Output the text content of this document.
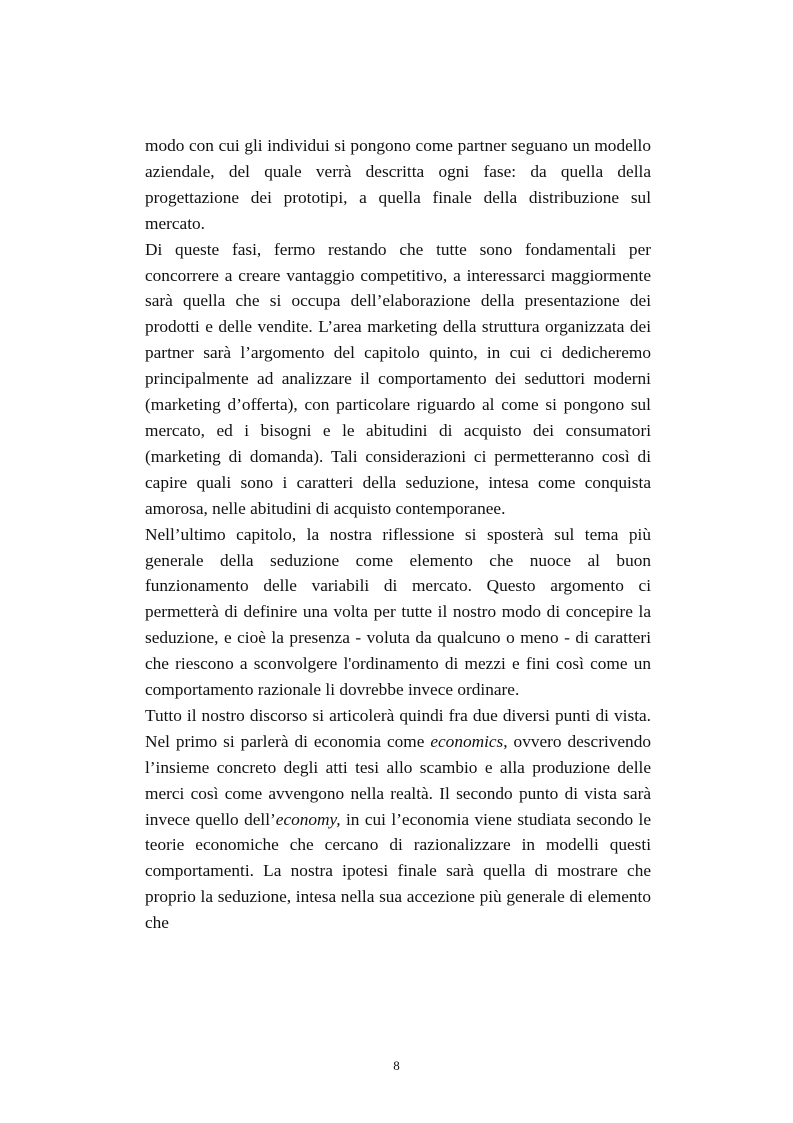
modo con cui gli individui si pongono come partner seguano un modello aziendale, del quale verrà descritta ogni fase: da quella della progettazione dei prototipi, a quella finale della distribuzione sul mercato.

Di queste fasi, fermo restando che tutte sono fondamentali per concorrere a creare vantaggio competitivo, a interessarci maggiormente sarà quella che si occupa dell’elaborazione della presentazione dei prodotti e delle vendite. L’area marketing della struttura organizzata dei partner sarà l’argomento del capitolo quinto, in cui ci dedicheremo principalmente ad analizzare il comportamento dei seduttori moderni (marketing d’offerta), con particolare riguardo al come si pongono sul mercato, ed i bisogni e le abitudini di acquisto dei consumatori (marketing di domanda). Tali considerazioni ci permetteranno così di capire quali sono i caratteri della seduzione, intesa come conquista amorosa, nelle abitudini di acquisto contemporanee.

Nell’ultimo capitolo, la nostra riflessione si sposterà sul tema più generale della seduzione come elemento che nuoce al buon funzionamento delle variabili di mercato. Questo argomento ci permetterà di definire una volta per tutte il nostro modo di concepire la seduzione, e cioè la presenza - voluta da qualcuno o meno - di caratteri che riescono a sconvolgere l'ordinamento di mezzi e fini così come un comportamento razionale li dovrebbe invece ordinare.

Tutto il nostro discorso si articolerà quindi fra due diversi punti di vista. Nel primo si parlerà di economia come economics, ovvero descrivendo l’insieme concreto degli atti tesi allo scambio e alla produzione delle merci così come avvengono nella realtà. Il secondo punto di vista sarà invece quello dell’economy, in cui l’economia viene studiata secondo le teorie economiche che cercano di razionalizzare in modelli questi comportamenti. La nostra ipotesi finale sarà quella di mostrare che proprio la seduzione, intesa nella sua accezione più generale di elemento che

8
